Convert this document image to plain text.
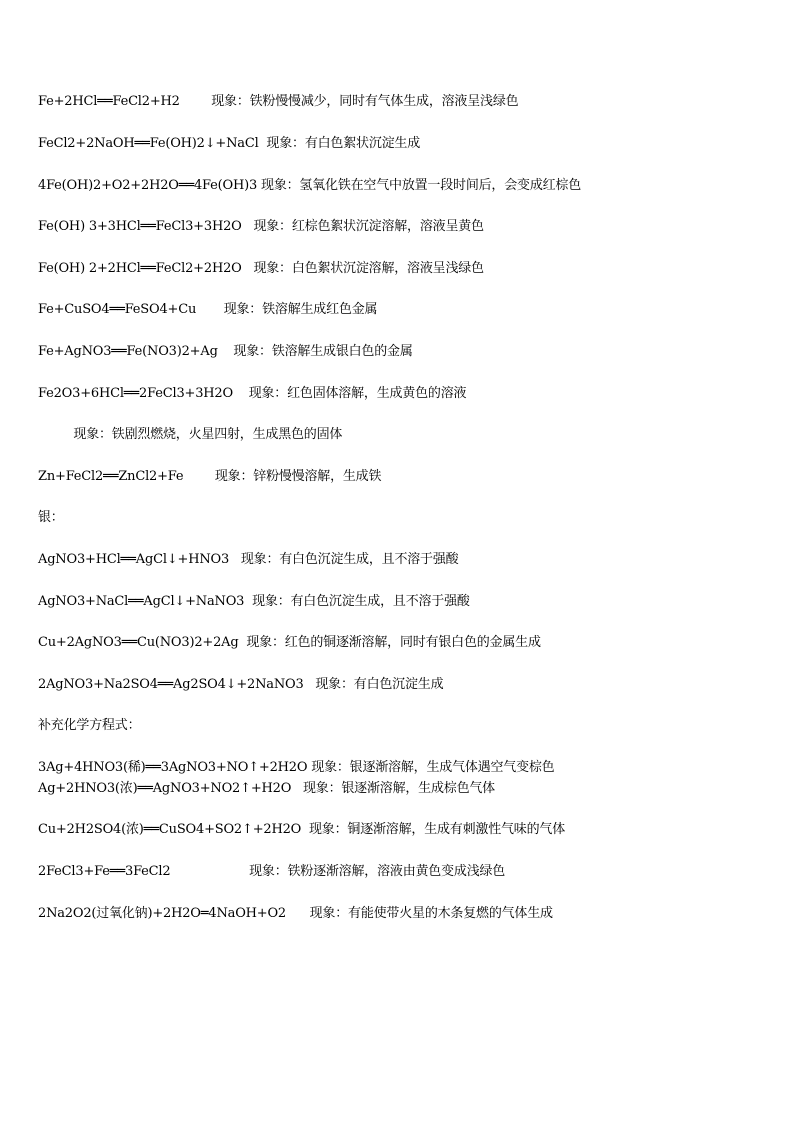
Fe+2HCl══FeCl2+H2 现象：铁粉慢慢减少，同时有气体生成，溶液呈浅绿色
FeCl2+2NaOH══Fe(OH)2↓+NaCl 现象：有白色絮状沉淀生成
4Fe(OH)2+O2+2H2O══4Fe(OH)3 现象：氢氧化铁在空气中放置一段时间后，会变成红棕色
Fe(OH) 3+3HCl══FeCl3+3H2O 现象：红棕色絮状沉淀溶解，溶液呈黄色
Fe(OH) 2+2HCl══FeCl2+2H2O 现象：白色絮状沉淀溶解，溶液呈浅绿色
Fe+CuSO4══FeSO4+Cu 现象：铁溶解生成红色金属
Fe+AgNO3══Fe(NO3)2+Ag 现象：铁溶解生成银白色的金属
Fe2O3+6HCl══2FeCl3+3H2O 现象：红色固体溶解，生成黄色的溶液
现象：铁剧烈燃烧，火星四射，生成黑色的固体
Zn+FeCl2══ZnCl2+Fe 现象：锌粉慢慢溶解，生成铁
银：
AgNO3+HCl══AgCl↓+HNO3 现象：有白色沉淀生成，且不溶于强酸
AgNO3+NaCl══AgCl↓+NaNO3 现象：有白色沉淀生成，且不溶于强酸
Cu+2AgNO3══Cu(NO3)2+2Ag 现象：红色的铜逐渐溶解，同时有银白色的金属生成
2AgNO3+Na2SO4══Ag2SO4↓+2NaNO3 现象：有白色沉淀生成
补充化学方程式：
3Ag+4HNO3(稀)══3AgNO3+NO↑+2H2O 现象：银逐渐溶解，生成气体遇空气变棕色
Ag+2HNO3(浓)══AgNO3+NO2↑+H2O 现象：银逐渐溶解，生成棕色气体
Cu+2H2SO4(浓)══CuSO4+SO2↑+2H2O 现象：铜逐渐溶解，生成有刺激性气味的气体
2FeCl3+Fe══3FeCl2	现象：铁粉逐渐溶解，溶液由黄色变成浅绿色
2Na2O2(过氧化钠)+2H2O═4NaOH+O2 现象：有能使带火星的木条复燃的气体生成
